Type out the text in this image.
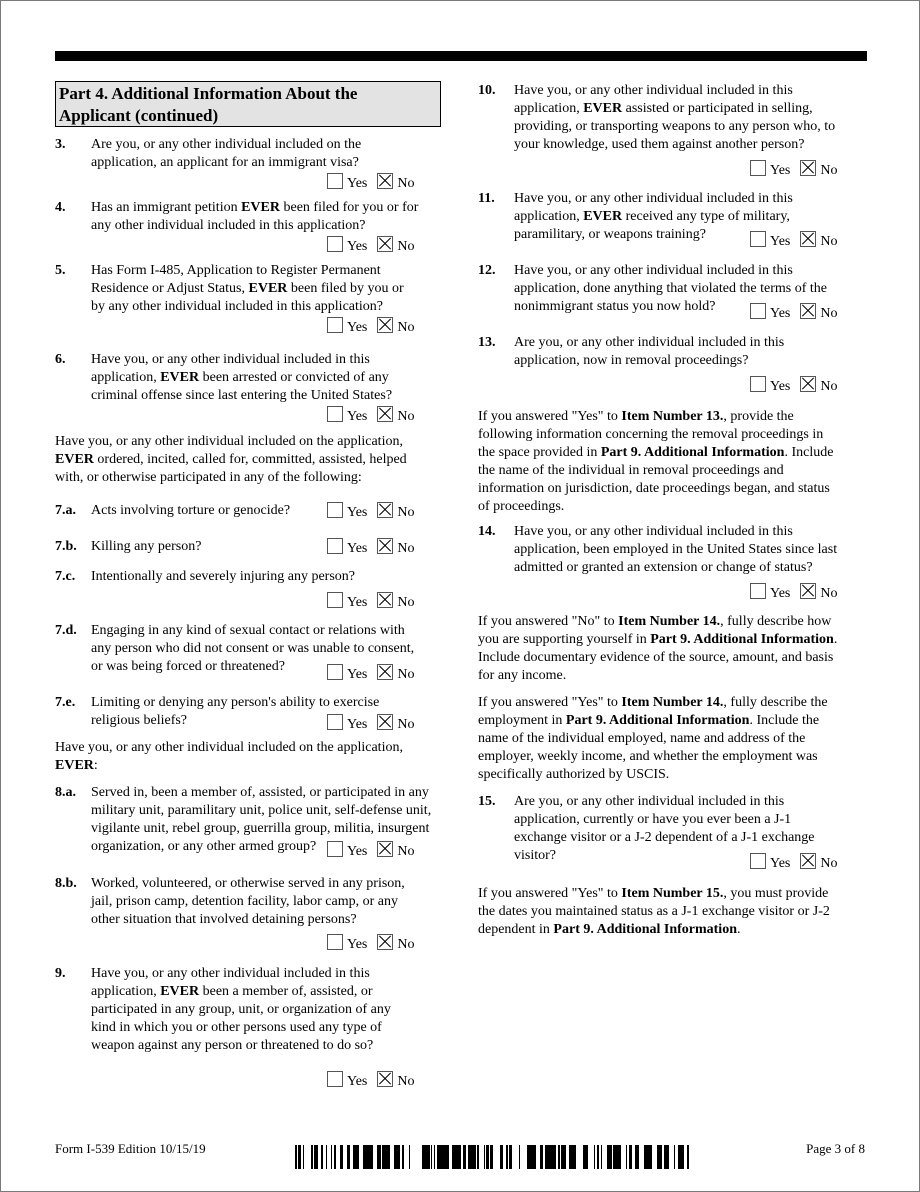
Part 4. Additional Information About the
Applicant (continued)
3. Are you, or any other individual included on the
application, an applicant for an immigrant visa?
Yes No
4. Has an immigrant petition EVER been filed for you or for
any other individual included in this application?
Yes No
5. Has Form I-485, Application to Register Permanent
Residence or Adjust Status, EVER been filed by you or
by any other individual included in this application?
Yes No
6. Have you, or any other individual included in this
application, EVER been arrested or convicted of any
criminal offense since last entering the United States?
Yes No
Have you, or any other individual included on the application,
EVER ordered, incited, called for, committed, assisted, helped
with, or otherwise participated in any of the following:
7.a. Acts involving torture or genocide?	Yes No
7.b. Killing any person?	Yes No
7.c. Intentionally and severely injuring any person?
Yes No
7.d. Engaging in any kind of sexual contact or relations with
any person who did not consent or was unable to consent,
or was being forced or threatened?
Yes No
7.e. Limiting or denying any person's ability to exercise
religious beliefs?	Yes No
Have you, or any other individual included on the application,
EVER:
8.a. Served in, been a member of, assisted, or participated in any
military unit, paramilitary unit, police unit, self-defense unit,
vigilante unit, rebel group, guerrilla group, militia, insurgent
organization, or any other armed group?	Yes No
8.b. Worked, volunteered, or otherwise served in any prison,
jail, prison camp, detention facility, labor camp, or any
other situation that involved detaining persons?
Yes No
9. Have you, or any other individual included in this
application, EVER been a member of, assisted, or
participated in any group, unit, or organization of any
kind in which you or other persons used any type of
weapon against any person or threatened to do so?
Yes No
10. Have you, or any other individual included in this
application, EVER assisted or participated in selling,
providing, or transporting weapons to any person who, to
your knowledge, used them against another person?
Yes No
11. Have you, or any other individual included in this
application, EVER received any type of military,
paramilitary, or weapons training?	Yes No
12. Have you, or any other individual included in this
application, done anything that violated the terms of the
nonimmigrant status you now hold?	Yes No
13. Are you, or any other individual included in this
application, now in removal proceedings?
Yes No
If you answered "Yes" to Item Number 13., provide the
following information concerning the removal proceedings in
the space provided in Part 9. Additional Information. Include
the name of the individual in removal proceedings and
information on jurisdiction, date proceedings began, and status
of proceedings.
14. Have you, or any other individual included in this
application, been employed in the United States since last
admitted or granted an extension or change of status?
Yes No
If you answered "No" to Item Number 14., fully describe how
you are supporting yourself in Part 9. Additional Information.
Include documentary evidence of the source, amount, and basis
for any income.
If you answered "Yes" to Item Number 14., fully describe the
employment in Part 9. Additional Information. Include the
name of the individual employed, name and address of the
employer, weekly income, and whether the employment was
specifically authorized by USCIS.
15. Are you, or any other individual included in this
application, currently or have you ever been a J-1
exchange visitor or a J-2 dependent of a J-1 exchange
visitor?
Yes No
If you answered "Yes" to Item Number 15., you must provide
the dates you maintained status as a J-1 exchange visitor or J-2
dependent in Part 9. Additional Information.
Form I-539 Edition 10/15/19	Page 3 of 8
